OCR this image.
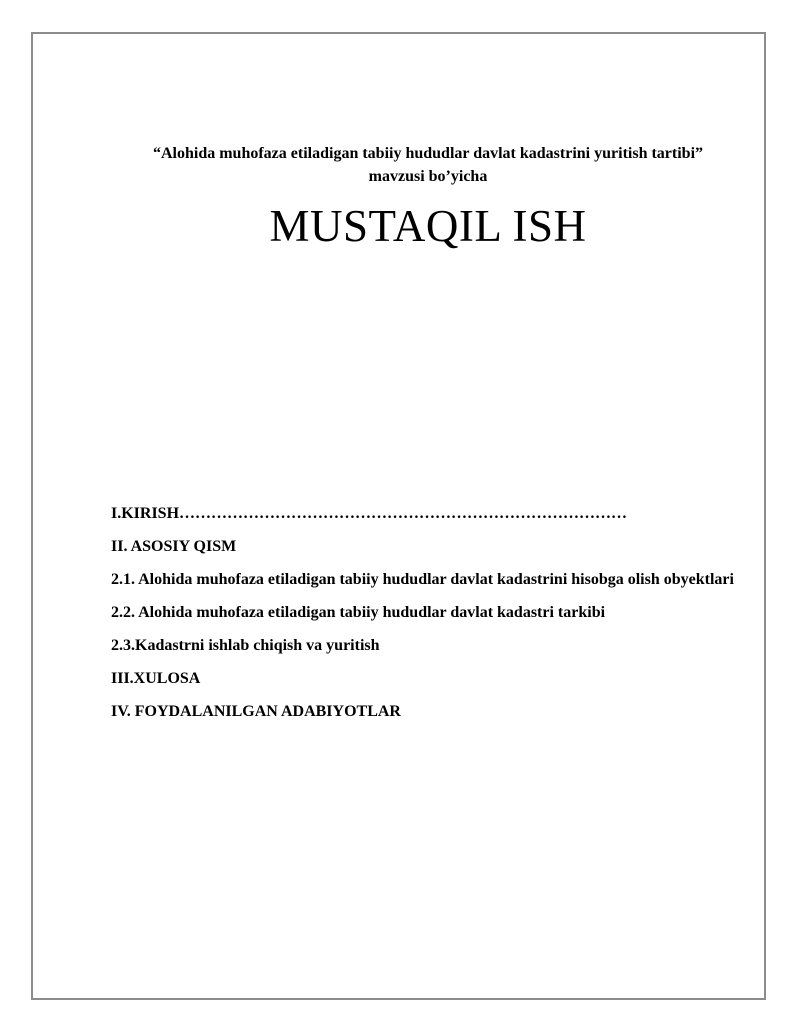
“Alohida muhofaza etiladigan tabiiy hududlar davlat kadastrini yuritish tartibi”
mavzusi bo’yicha

MUSTAQIL ISH
I.KIRISH…………………………………………………………………………
II. ASOSIY QISM
2.1. Alohida muhofaza etiladigan tabiiy hududlar davlat kadastrini hisobga olish obyektlari
2.2. Alohida muhofaza etiladigan tabiiy hududlar davlat kadastri tarkibi
2.3.Kadastrni ishlab chiqish va yuritish
III.XULOSA
IV. FOYDALANILGAN ADABIYOTLAR
